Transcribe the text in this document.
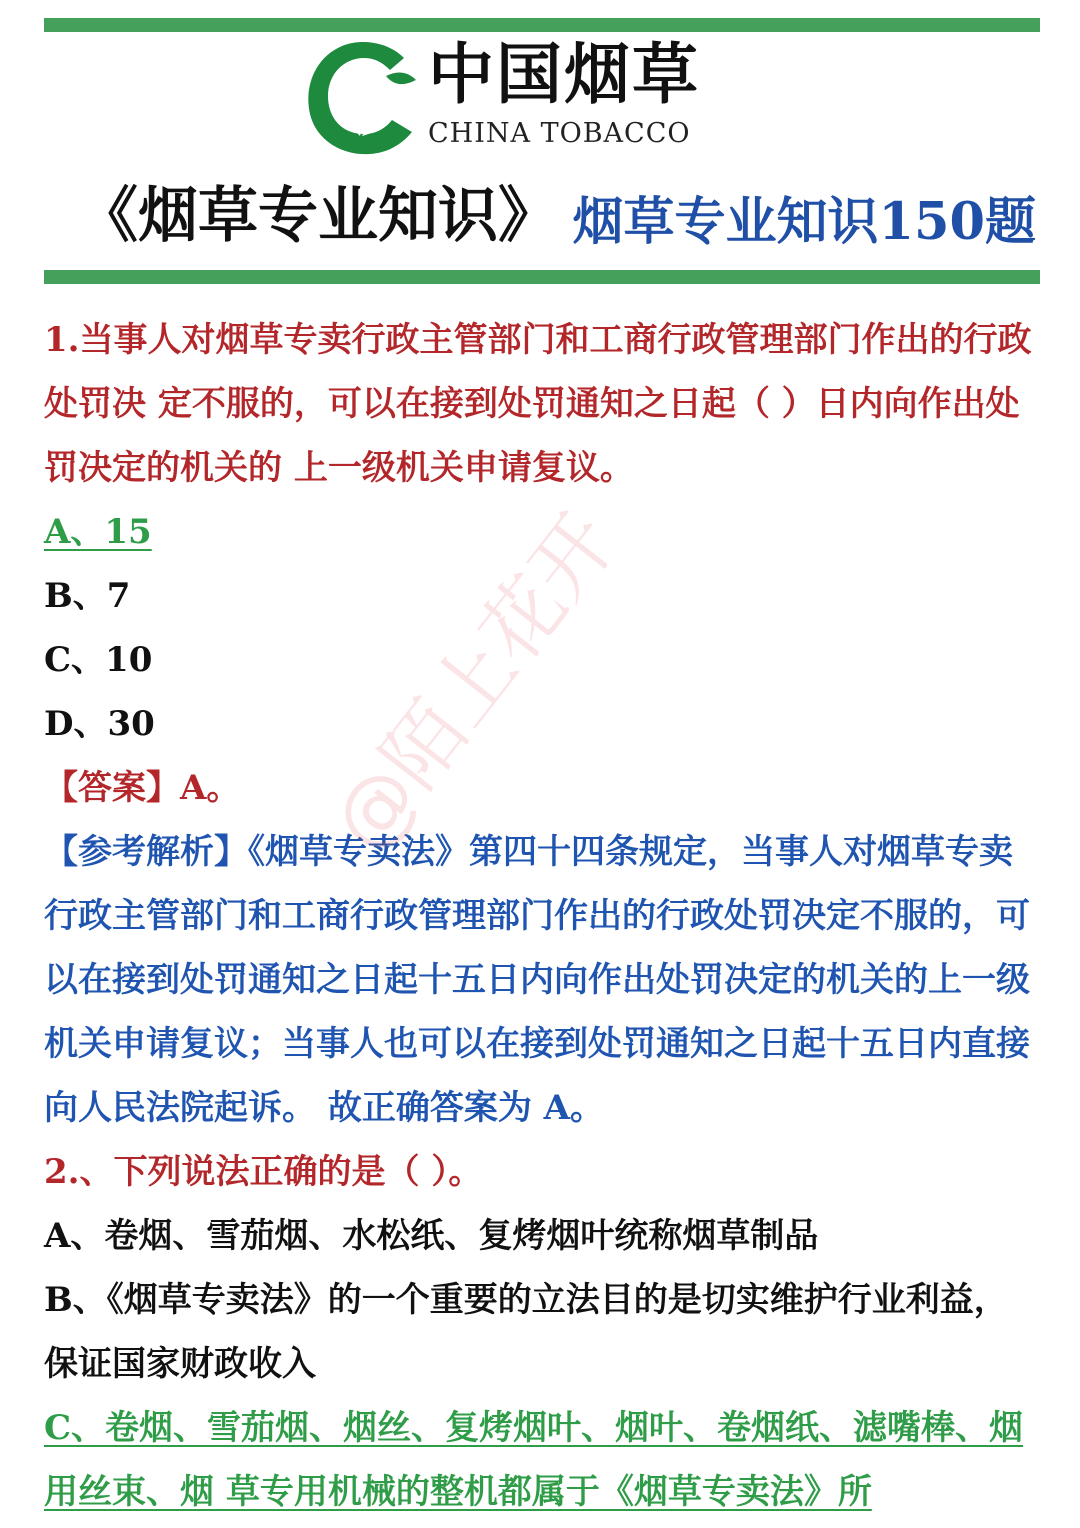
中国烟草
CHINA TOBACCO
《烟草专业知识》 烟草专业知识150题

1.当事人对烟草专卖行政主管部门和工商行政管理部门作出的行政处罚决 定不服的，可以在接到处罚通知之日起（ ）日内向作出处罚决定的机关的 上一级机关申请复议。

A、15

B、7

C、10

D、30

【答案】A。

【参考解析】《烟草专卖法》第四十四条规定，当事人对烟草专卖行政主管部门和工商行政管理部门作出的行政处罚决定不服的，可以在接到处罚通知之日起十五日内向作出处罚决定的机关的上一级机关申请复议；当事人也可以在接到处罚通知之日起十五日内直接向人民法院起诉。 故正确答案为 A。

2.、下列说法正确的是（ ）。

A、卷烟、雪茄烟、水松纸、复烤烟叶统称烟草制品

B、《烟草专卖法》的一个重要的立法目的是切实维护行业利益，保证国家财政收入

C、卷烟、雪茄烟、烟丝、复烤烟叶、烟叶、卷烟纸、滤嘴棒、烟用丝束、烟 草专用机械的整机都属于《烟草专卖法》所

@陌上花开
